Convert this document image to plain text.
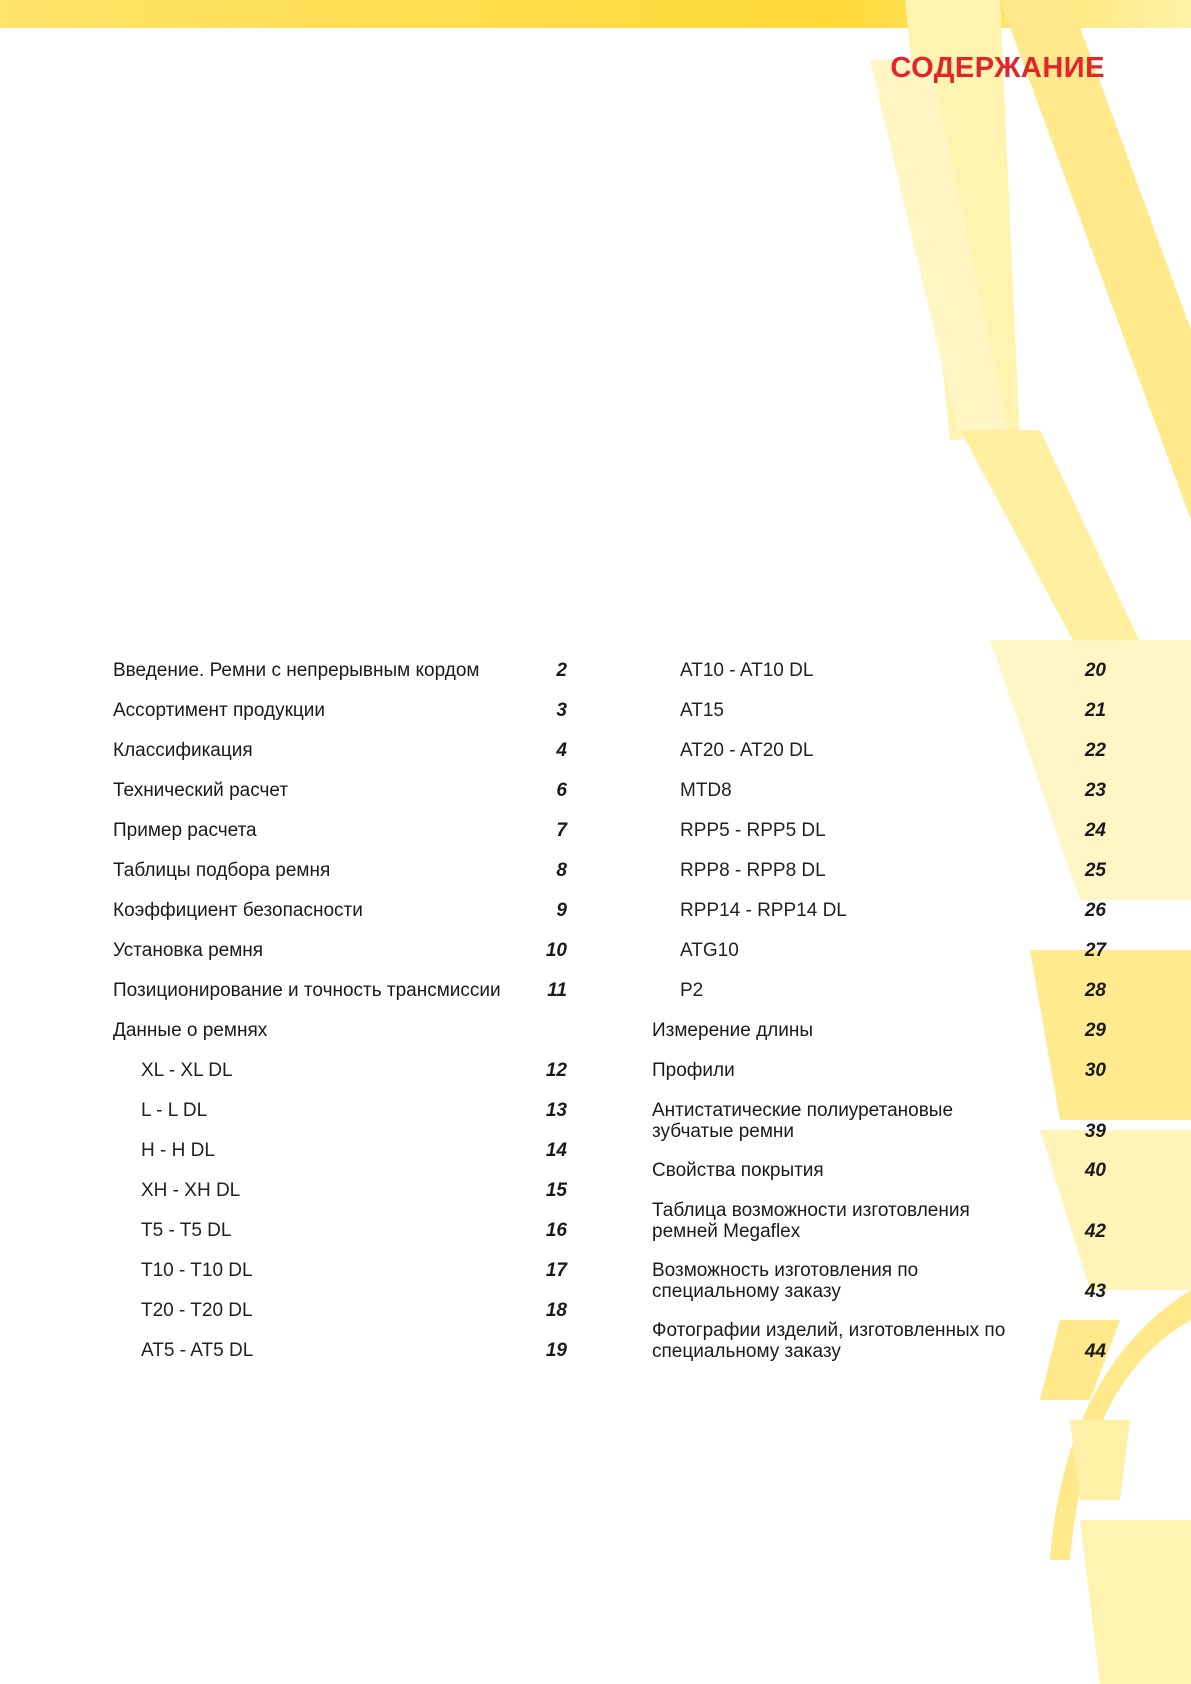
СОДЕРЖАНИЕ
Введение. Ремни с непрерывным кордом	2
Ассортимент продукции	3
Классификация	4
Технический расчет	6
Пример расчета	7
Таблицы подбора ремня	8
Коэффициент безопасности	9
Установка ремня	10
Позиционирование и точность трансмиссии 11
Данные о ремнях
XL - XL DL	12
L - L DL	13
H - H DL	14
XH - XH DL	15
T5 - T5 DL	16
T10 - T10 DL	17
T20 - T20 DL	18
AT5 - AT5 DL	19
AT10 - AT10 DL	20
AT15	21
AT20 - AT20 DL	22
MTD8	23
RPP5 - RPP5 DL	24
RPP8 - RPP8 DL	25
RPP14 - RPP14 DL	26
ATG10	27
P2	28
Измерение длины	29
Профили	30
Антистатические полиуретановые
зубчатые ремни	39
Свойства покрытия	40
Таблица возможности изготовления
ремней Megaflex	42
Возможность изготовления по
специальному заказу	43
Фотографии изделий, изготовленных по
специальному заказу	44
